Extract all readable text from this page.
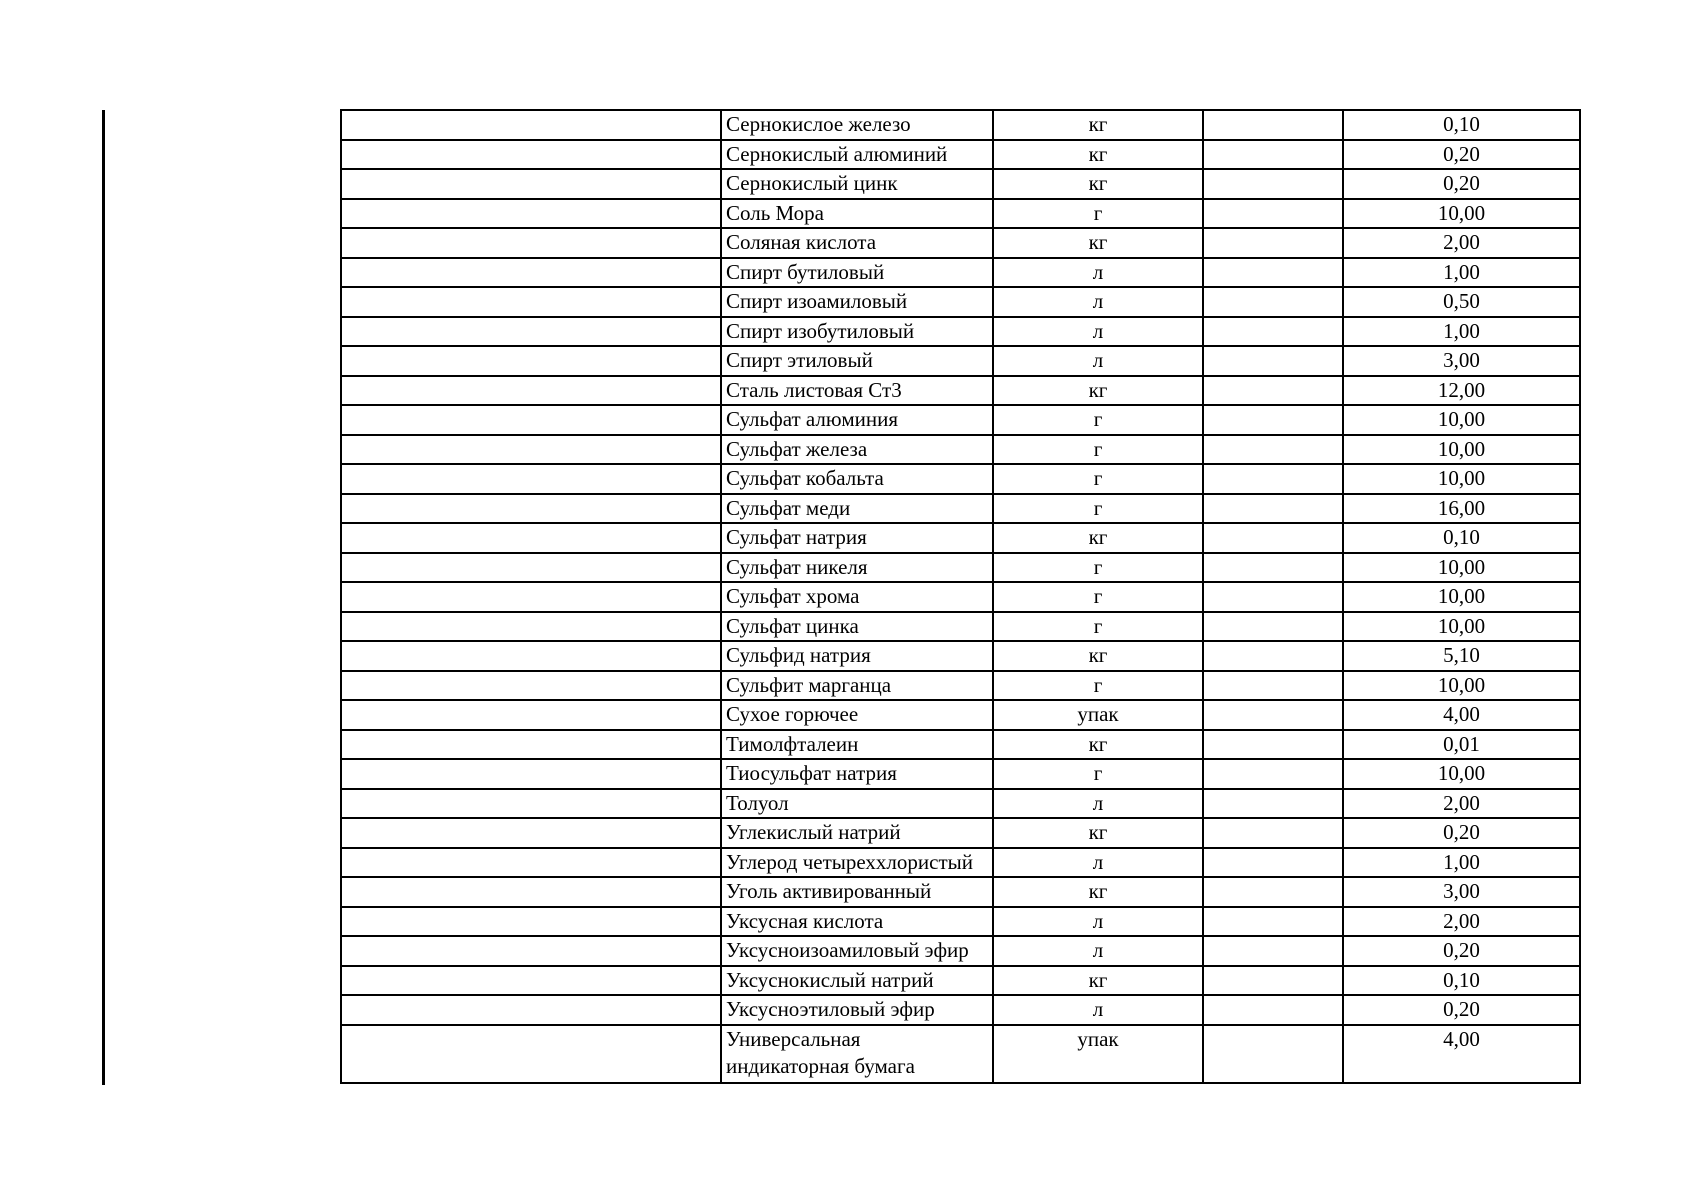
	Сернокислое железо	кг		0,10
	Сернокислый алюминий	кг		0,20
	Сернокислый цинк	кг		0,20
	Соль Мора	г		10,00
	Соляная кислота	кг		2,00
	Спирт бутиловый	л		1,00
	Спирт изоамиловый	л		0,50
	Спирт изобутиловый	л		1,00
	Спирт этиловый	л		3,00
	Сталь листовая Ст3	кг		12,00
	Сульфат алюминия	г		10,00
	Сульфат железа	г		10,00
	Сульфат кобальта	г		10,00
	Сульфат меди	г		16,00
	Сульфат натрия	кг		0,10
	Сульфат никеля	г		10,00
	Сульфат хрома	г		10,00
	Сульфат цинка	г		10,00
	Сульфид натрия	кг		5,10
	Сульфит марганца	г		10,00
	Сухое горючее	упак		4,00
	Тимолфталеин	кг		0,01
	Тиосульфат натрия	г		10,00
	Толуол	л		2,00
	Углекислый натрий	кг		0,20
	Углерод четыреххлористый	л		1,00
	Уголь активированный	кг		3,00
	Уксусная кислота	л		2,00
	Уксусноизоамиловый эфир	л		0,20
	Уксуснокислый натрий	кг		0,10
	Уксусноэтиловый эфир	л		0,20
	Универсальная индикаторная бумага	упак		4,00
